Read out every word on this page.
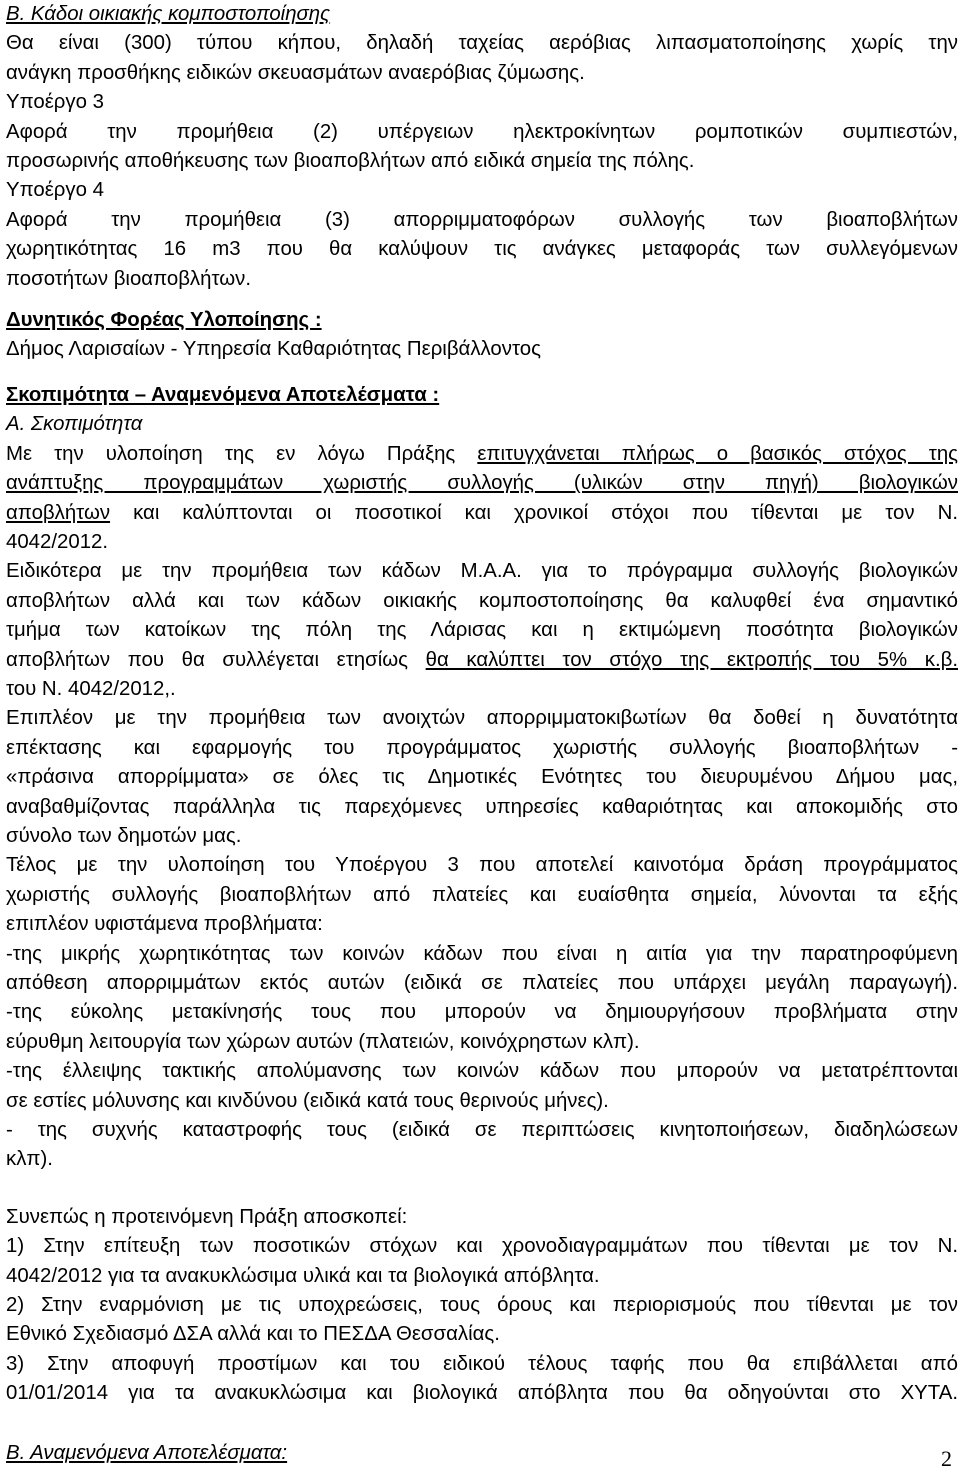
Β. Κάδοι οικιακής κομποστοποίησης
Θα είναι (300) τύπου κήπου, δηλαδή ταχείας αερόβιας λιπασματοποίησης χωρίς την
ανάγκη προσθήκης ειδικών σκευασμάτων αναερόβιας ζύμωσης.
Υποέργο 3
Αφορά την προμήθεια (2) υπέργειων ηλεκτροκίνητων ρομποτικών συμπιεστών,
προσωρινής αποθήκευσης των βιοαποβλήτων από ειδικά σημεία της πόλης.
Υποέργο 4
Αφορά την προμήθεια (3) απορριμματοφόρων συλλογής των βιοαποβλήτων
χωρητικότητας 16 m3 που θα καλύψουν τις ανάγκες μεταφοράς των συλλεγόμενων
ποσοτήτων βιοαποβλήτων.
Δυνητικός Φορέας Υλοποίησης :
Δήμος Λαρισαίων - Υπηρεσία Καθαριότητας Περιβάλλοντος
Σκοπιμότητα – Αναμενόμενα Αποτελέσματα :
Α. Σκοπιμότητα
Με την υλοποίηση της εν λόγω Πράξης επιτυγχάνεται πλήρως ο βασικός στόχος της
ανάπτυξης προγραμμάτων χωριστής συλλογής (υλικών στην πηγή) βιολογικών
αποβλήτων και καλύπτονται οι ποσοτικοί και χρονικοί στόχοι που τίθενται με τον Ν.
4042/2012.
Ειδικότερα με την προμήθεια των κάδων Μ.Α.Α. για το πρόγραμμα συλλογής βιολογικών
αποβλήτων αλλά και των κάδων οικιακής κομποστοποίησης θα καλυφθεί ένα σημαντικό
τμήμα των κατοίκων της πόλη της Λάρισας και η εκτιμώμενη ποσότητα βιολογικών
αποβλήτων που θα συλλέγεται ετησίως θα καλύπτει τον στόχο της εκτροπής του 5% κ.β.
του Ν. 4042/2012,.
Επιπλέον με την προμήθεια των ανοιχτών απορριμματοκιβωτίων θα δοθεί η δυνατότητα
επέκτασης και εφαρμογής του προγράμματος χωριστής συλλογής βιοαποβλήτων -
«πράσινα απορρίμματα» σε όλες τις Δημοτικές Ενότητες του διευρυμένου Δήμου μας,
αναβαθμίζοντας παράλληλα τις παρεχόμενες υπηρεσίες καθαριότητας και αποκομιδής στο
σύνολο των δημοτών μας.
Τέλος με την υλοποίηση του Υποέργου 3 που αποτελεί καινοτόμα δράση προγράμματος
χωριστής συλλογής βιοαποβλήτων από πλατείες και ευαίσθητα σημεία, λύνονται τα εξής
επιπλέον υφιστάμενα προβλήματα:
-της μικρής χωρητικότητας των κοινών κάδων που είναι η αιτία για την παρατηροφύμενη
απόθεση απορριμμάτων εκτός αυτών (ειδικά σε πλατείες που υπάρχει μεγάλη παραγωγή).
-της εύκολης μετακίνησής τους που μπορούν να δημιουργήσουν προβλήματα στην
εύρυθμη λειτουργία των χώρων αυτών (πλατειών, κοινόχρηστων κλπ).
-της έλλειψης τακτικής απολύμανσης των κοινών κάδων που μπορούν να μετατρέπτονται
σε εστίες μόλυνσης και κινδύνου (ειδικά κατά τους θερινούς μήνες).
- της συχνής καταστροφής τους (ειδικά σε περιπτώσεις κινητοποιήσεων, διαδηλώσεων
κλπ).
Συνεπώς η προτεινόμενη Πράξη αποσκοπεί:
1) Στην επίτευξη των ποσοτικών στόχων και χρονοδιαγραμμάτων που τίθενται με τον Ν.
4042/2012 για τα ανακυκλώσιμα υλικά και τα βιολογικά απόβλητα.
2) Στην εναρμόνιση με τις υποχρεώσεις, τους όρους και περιορισμούς που τίθενται με τον
Εθνικό Σχεδιασμό ΔΣΑ αλλά και το ΠΕΣΔΑ Θεσσαλίας.
3) Στην αποφυγή προστίμων και του ειδικού τέλους ταφής που θα επιβάλλεται από
01/01/2014 για τα ανακυκλώσιμα και βιολογικά απόβλητα που θα οδηγούνται στο ΧΥΤΑ.
Β. Αναμενόμενα Αποτελέσματα:	2
